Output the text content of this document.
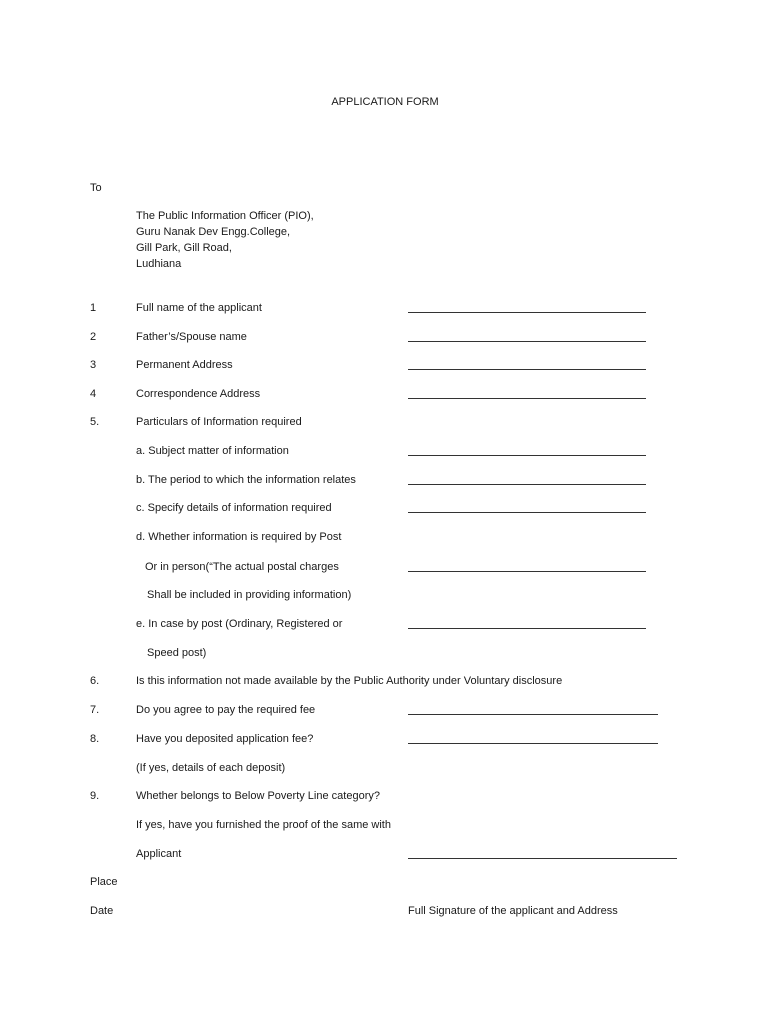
APPLICATION FORM
To
The Public Information Officer (PIO),
Guru Nanak Dev Engg.College,
Gill Park, Gill Road,
Ludhiana
1	Full name of the applicant
2	Father’s/Spouse name
3	Permanent Address
4	Correspondence Address
5.	Particulars of Information required
a. Subject matter of information
b. The period to which the information relates
c. Specify details of information required
d. Whether information is required by Post
Or in person(“The actual postal charges
Shall be included in providing information)
e. In case by post (Ordinary, Registered or
Speed post)
6.	Is this information not made available by the Public Authority under Voluntary disclosure
7.	Do you agree to pay the required fee
8.	Have you deposited application fee?
(If yes, details of each deposit)
9.	Whether belongs to Below Poverty Line category?
If yes, have you furnished the proof of the same with
Applicant
Place
Date	Full Signature of the applicant and Address
